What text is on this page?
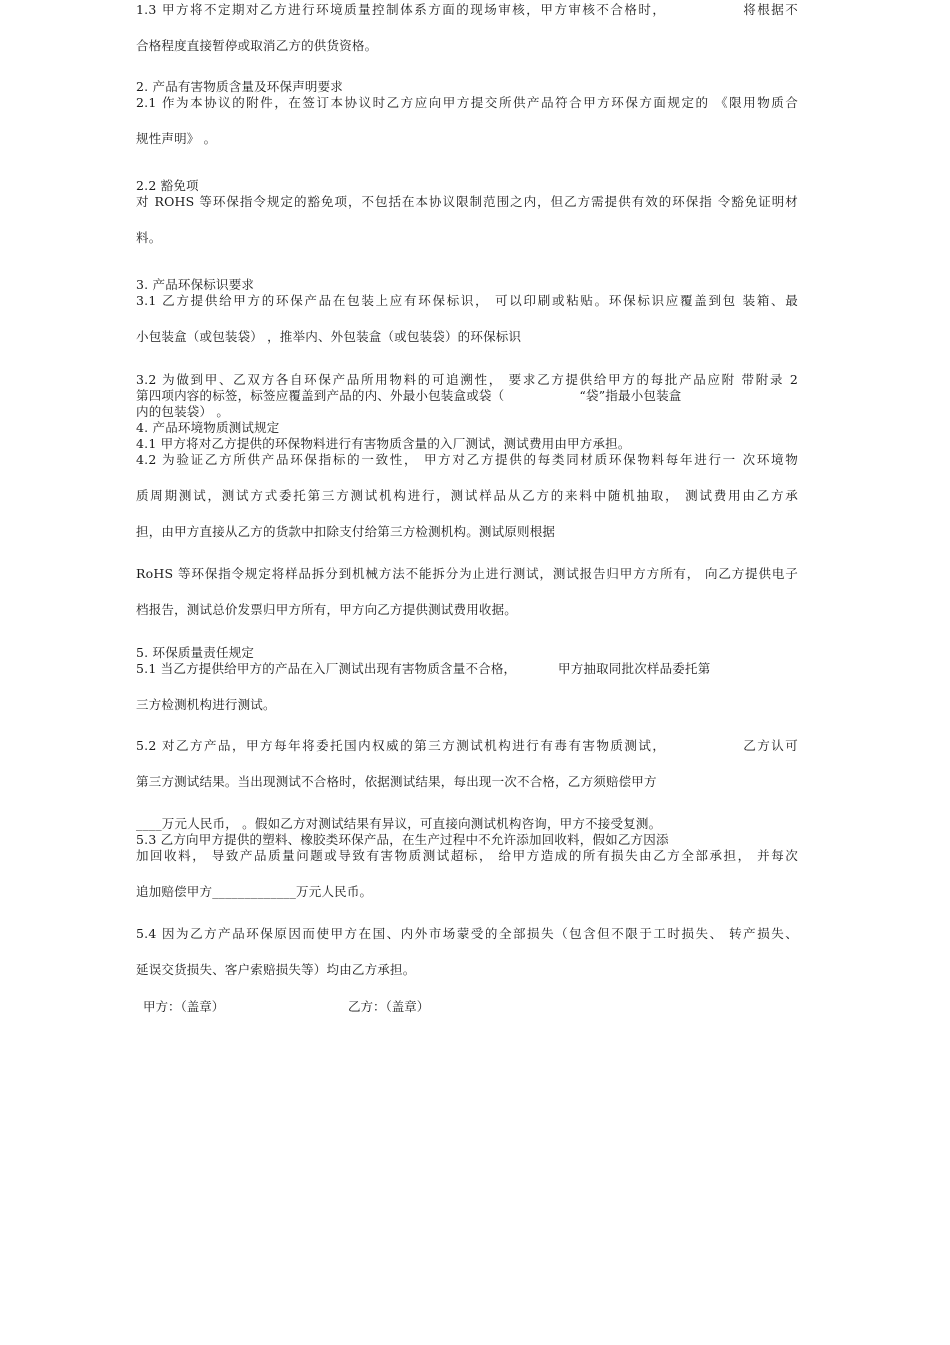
1.3 甲方将不定期对乙方进行环境质量控制体系方面的现场审核，甲方审核不合格时，              将根据不
合格程度直接暂停或取消乙方的供货资格。
2. 产品有害物质含量及环保声明要求
2.1 作为本协议的附件，在签订本协议时乙方应向甲方提交所供产品符合甲方环保方面规定的 《限用物质合
规性声明》 。
2.2 豁免项
对 ROHS 等环保指令规定的豁免项，不包括在本协议限制范围之内，但乙方需提供有效的环保指 令豁免证明材
料。
3. 产品环保标识要求
3.1 乙方提供给甲方的环保产品在包装上应有环保标识， 可以印刷或粘贴。环保标识应覆盖到包 装箱、最
小包装盒（或包装袋） ，推举内、外包装盒（或包装袋）的环保标识
3.2 为做到甲、乙双方各自环保产品所用物料的可追溯性， 要求乙方提供给甲方的每批产品应附 带附录 2
第四项内容的标签，标签应覆盖到产品的内、外最小包装盒或袋（                  “袋”指最小包装盒
内的包装袋） 。
4. 产品环境物质测试规定
4.1 甲方将对乙方提供的环保物料进行有害物质含量的入厂测试，测试费用由甲方承担。
4.2 为验证乙方所供产品环保指标的一致性， 甲方对乙方提供的每类同材质环保物料每年进行一 次环境物
质周期测试，测试方式委托第三方测试机构进行，测试样品从乙方的来料中随机抽取， 测试费用由乙方承
担，由甲方直接从乙方的货款中扣除支付给第三方检测机构。测试原则根据
RoHS 等环保指令规定将样品拆分到机械方法不能拆分为止进行测试，测试报告归甲方方所有， 向乙方提供电子
档报告，测试总价发票归甲方所有，甲方向乙方提供测试费用收据。
5. 环保质量责任规定
5.1 当乙方提供给甲方的产品在入厂测试出现有害物质含量不合格，          甲方抽取同批次样品委托第
三方检测机构进行测试。
5.2 对乙方产品，甲方每年将委托国内权威的第三方测试机构进行有毒有害物质测试，              乙方认可
第三方测试结果。当出现测试不合格时，依据测试结果，每出现一次不合格，乙方须赔偿甲方
____万元人民币， 。假如乙方对测试结果有异议，可直接向测试机构咨询，甲方不接受复测。
5.3 乙方向甲方提供的塑料、橡胶类环保产品，在生产过程中不允许添加回收料，假如乙方因添
加回收料， 导致产品质量问题或导致有害物质测试超标， 给甲方造成的所有损失由乙方全部承担， 并每次
追加赔偿甲方_____________万元人民币。
5.4 因为乙方产品环保原因而使甲方在国、内外市场蒙受的全部损失（包含但不限于工时损失、 转产损失、
延误交货损失、客户索赔损失等）均由乙方承担。
甲方：（盖章）	乙方：（盖章）
